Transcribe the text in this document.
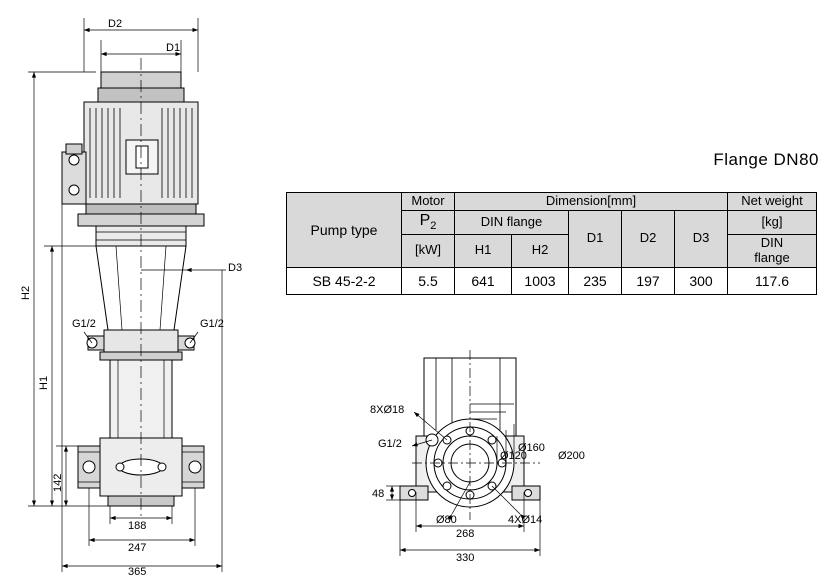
D2
D1
D3
H2
H1
142
G1/2	G1/2
188
247
365
8XØ18
G1/2
Ø120
Ø160
Ø200
Ø80	4XØ14
48
268
330
Flange DN80
Pump type	Motor	Dimension[mm]					Net weight
	$P_2$	DIN flange		D1	D2	D3	[kg]
	[kW]	H1	H2				DIN
flange
SB 45-2-2	5.5	641	1003	235	197	300	117.6
